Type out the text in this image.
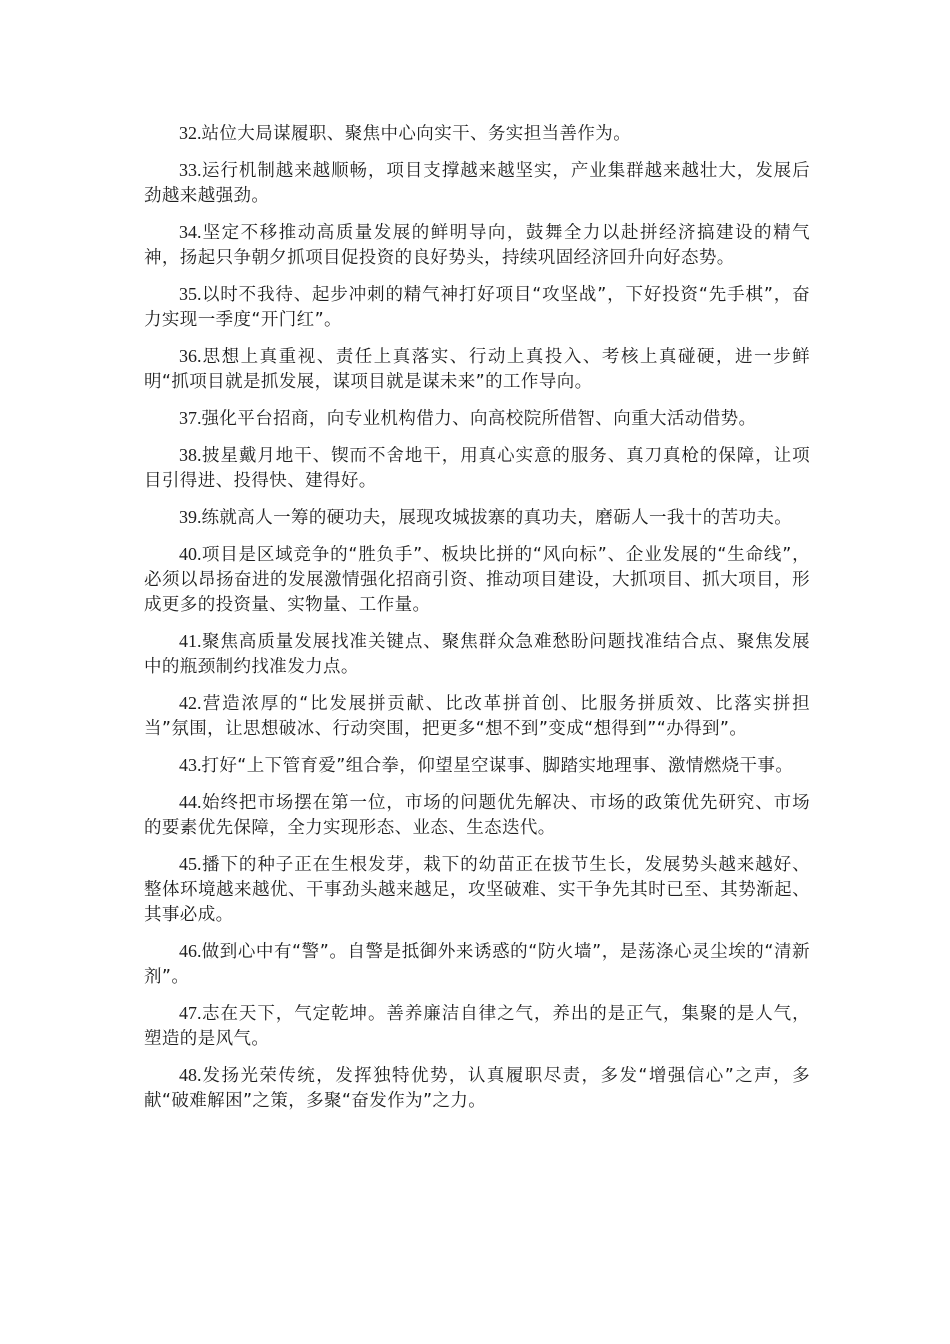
32.站位大局谋履职、聚焦中心向实干、务实担当善作为。

33.运行机制越来越顺畅，项目支撑越来越坚实，产业集群越来越壮大，发展后劲越来越强劲。

34.坚定不移推动高质量发展的鲜明导向，鼓舞全力以赴拼经济搞建设的精气神，扬起只争朝夕抓项目促投资的良好势头，持续巩固经济回升向好态势。

35.以时不我待、起步冲刺的精气神打好项目“攻坚战”，下好投资“先手棋”，奋力实现一季度“开门红”。

36.思想上真重视、责任上真落实、行动上真投入、考核上真碰硬，进一步鲜明“抓项目就是抓发展，谋项目就是谋未来”的工作导向。

37.强化平台招商，向专业机构借力、向高校院所借智、向重大活动借势。

38.披星戴月地干、锲而不舍地干，用真心实意的服务、真刀真枪的保障，让项目引得进、投得快、建得好。

39.练就高人一筹的硬功夫，展现攻城拔寨的真功夫，磨砺人一我十的苦功夫。

40.项目是区域竞争的“胜负手”、板块比拼的“风向标”、企业发展的“生命线”，必须以昂扬奋进的发展激情强化招商引资、推动项目建设，大抓项目、抓大项目，形成更多的投资量、实物量、工作量。

41.聚焦高质量发展找准关键点、聚焦群众急难愁盼问题找准结合点、聚焦发展中的瓶颈制约找准发力点。

42.营造浓厚的“比发展拼贡献、比改革拼首创、比服务拼质效、比落实拼担当”氛围，让思想破冰、行动突围，把更多“想不到”变成“想得到”“办得到”。

43.打好“上下管育爱”组合拳，仰望星空谋事、脚踏实地理事、激情燃烧干事。

44.始终把市场摆在第一位，市场的问题优先解决、市场的政策优先研究、市场的要素优先保障，全力实现形态、业态、生态迭代。

45.播下的种子正在生根发芽，栽下的幼苗正在拔节生长，发展势头越来越好、整体环境越来越优、干事劲头越来越足，攻坚破难、实干争先其时已至、其势渐起、其事必成。

46.做到心中有“警”。自警是抵御外来诱惑的“防火墙”，是荡涤心灵尘埃的“清新剂”。

47.志在天下，气定乾坤。善养廉洁自律之气，养出的是正气，集聚的是人气，塑造的是风气。

48.发扬光荣传统，发挥独特优势，认真履职尽责，多发“增强信心”之声，多献“破难解困”之策，多聚“奋发作为”之力。
